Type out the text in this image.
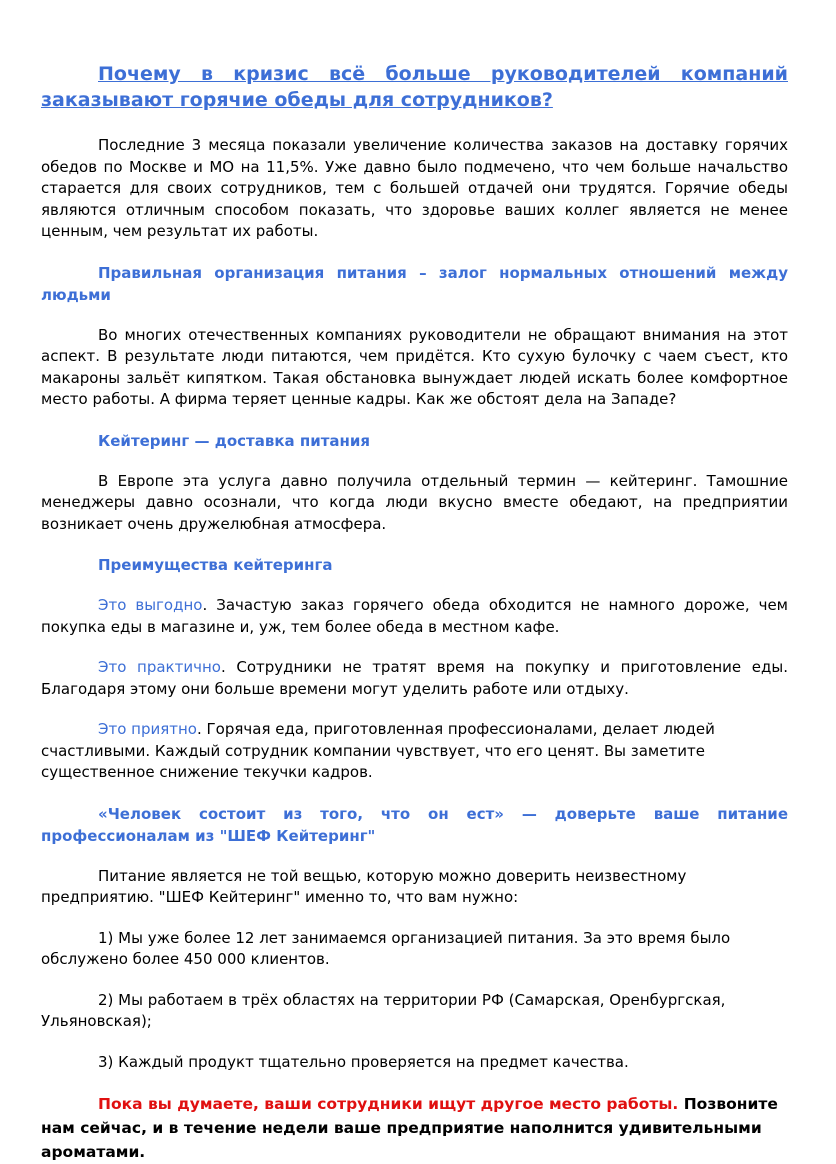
Почему в кризис всё больше руководителей компаний заказывают горячие обеды для сотрудников?

Последние 3 месяца показали увеличение количества заказов на доставку горячих обедов по Москве и МО на 11,5%. Уже давно было подмечено, что чем больше начальство старается для своих сотрудников, тем с большей отдачей они трудятся. Горячие обеды являются отличным способом показать, что здоровье ваших коллег является не менее ценным, чем результат их работы.

Правильная организация питания – залог нормальных отношений между людьми

Во многих отечественных компаниях руководители не обращают внимания на этот аспект. В результате люди питаются, чем придётся. Кто сухую булочку с чаем съест, кто макароны зальёт кипятком. Такая обстановка вынуждает людей искать более комфортное место работы. А фирма теряет ценные кадры. Как же обстоят дела на Западе?

Кейтеринг — доставка питания

В Европе эта услуга давно получила отдельный термин — кейтеринг. Тамошние менеджеры давно осознали, что когда люди вкусно вместе обедают, на предприятии возникает очень дружелюбная атмосфера.

Преимущества кейтеринга

Это выгодно. Зачастую заказ горячего обеда обходится не намного дороже, чем покупка еды в магазине и, уж, тем более обеда в местном кафе.

Это практично. Сотрудники не тратят время на покупку и приготовление еды. Благодаря этому они больше времени могут уделить работе или отдыху.

Это приятно. Горячая еда, приготовленная профессионалами, делает людей счастливыми. Каждый сотрудник компании чувствует, что его ценят. Вы заметите существенное снижение текучки кадров.

«Человек состоит из того, что он ест» — доверьте ваше питание профессионалам из "ШЕФ Кейтеринг"

Питание является не той вещью, которую можно доверить неизвестному предприятию. "ШЕФ Кейтеринг" именно то, что вам нужно:

1) Мы уже более 12 лет занимаемся организацией питания. За это время было обслужено более 450 000 клиентов.

2) Мы работаем в трёх областях на территории РФ (Самарская, Оренбургская, Ульяновская);

3) Каждый продукт тщательно проверяется на предмет качества.

Пока вы думаете, ваши сотрудники ищут другое место работы. Позвоните нам сейчас, и в течение недели ваше предприятие наполнится удивительными ароматами.
